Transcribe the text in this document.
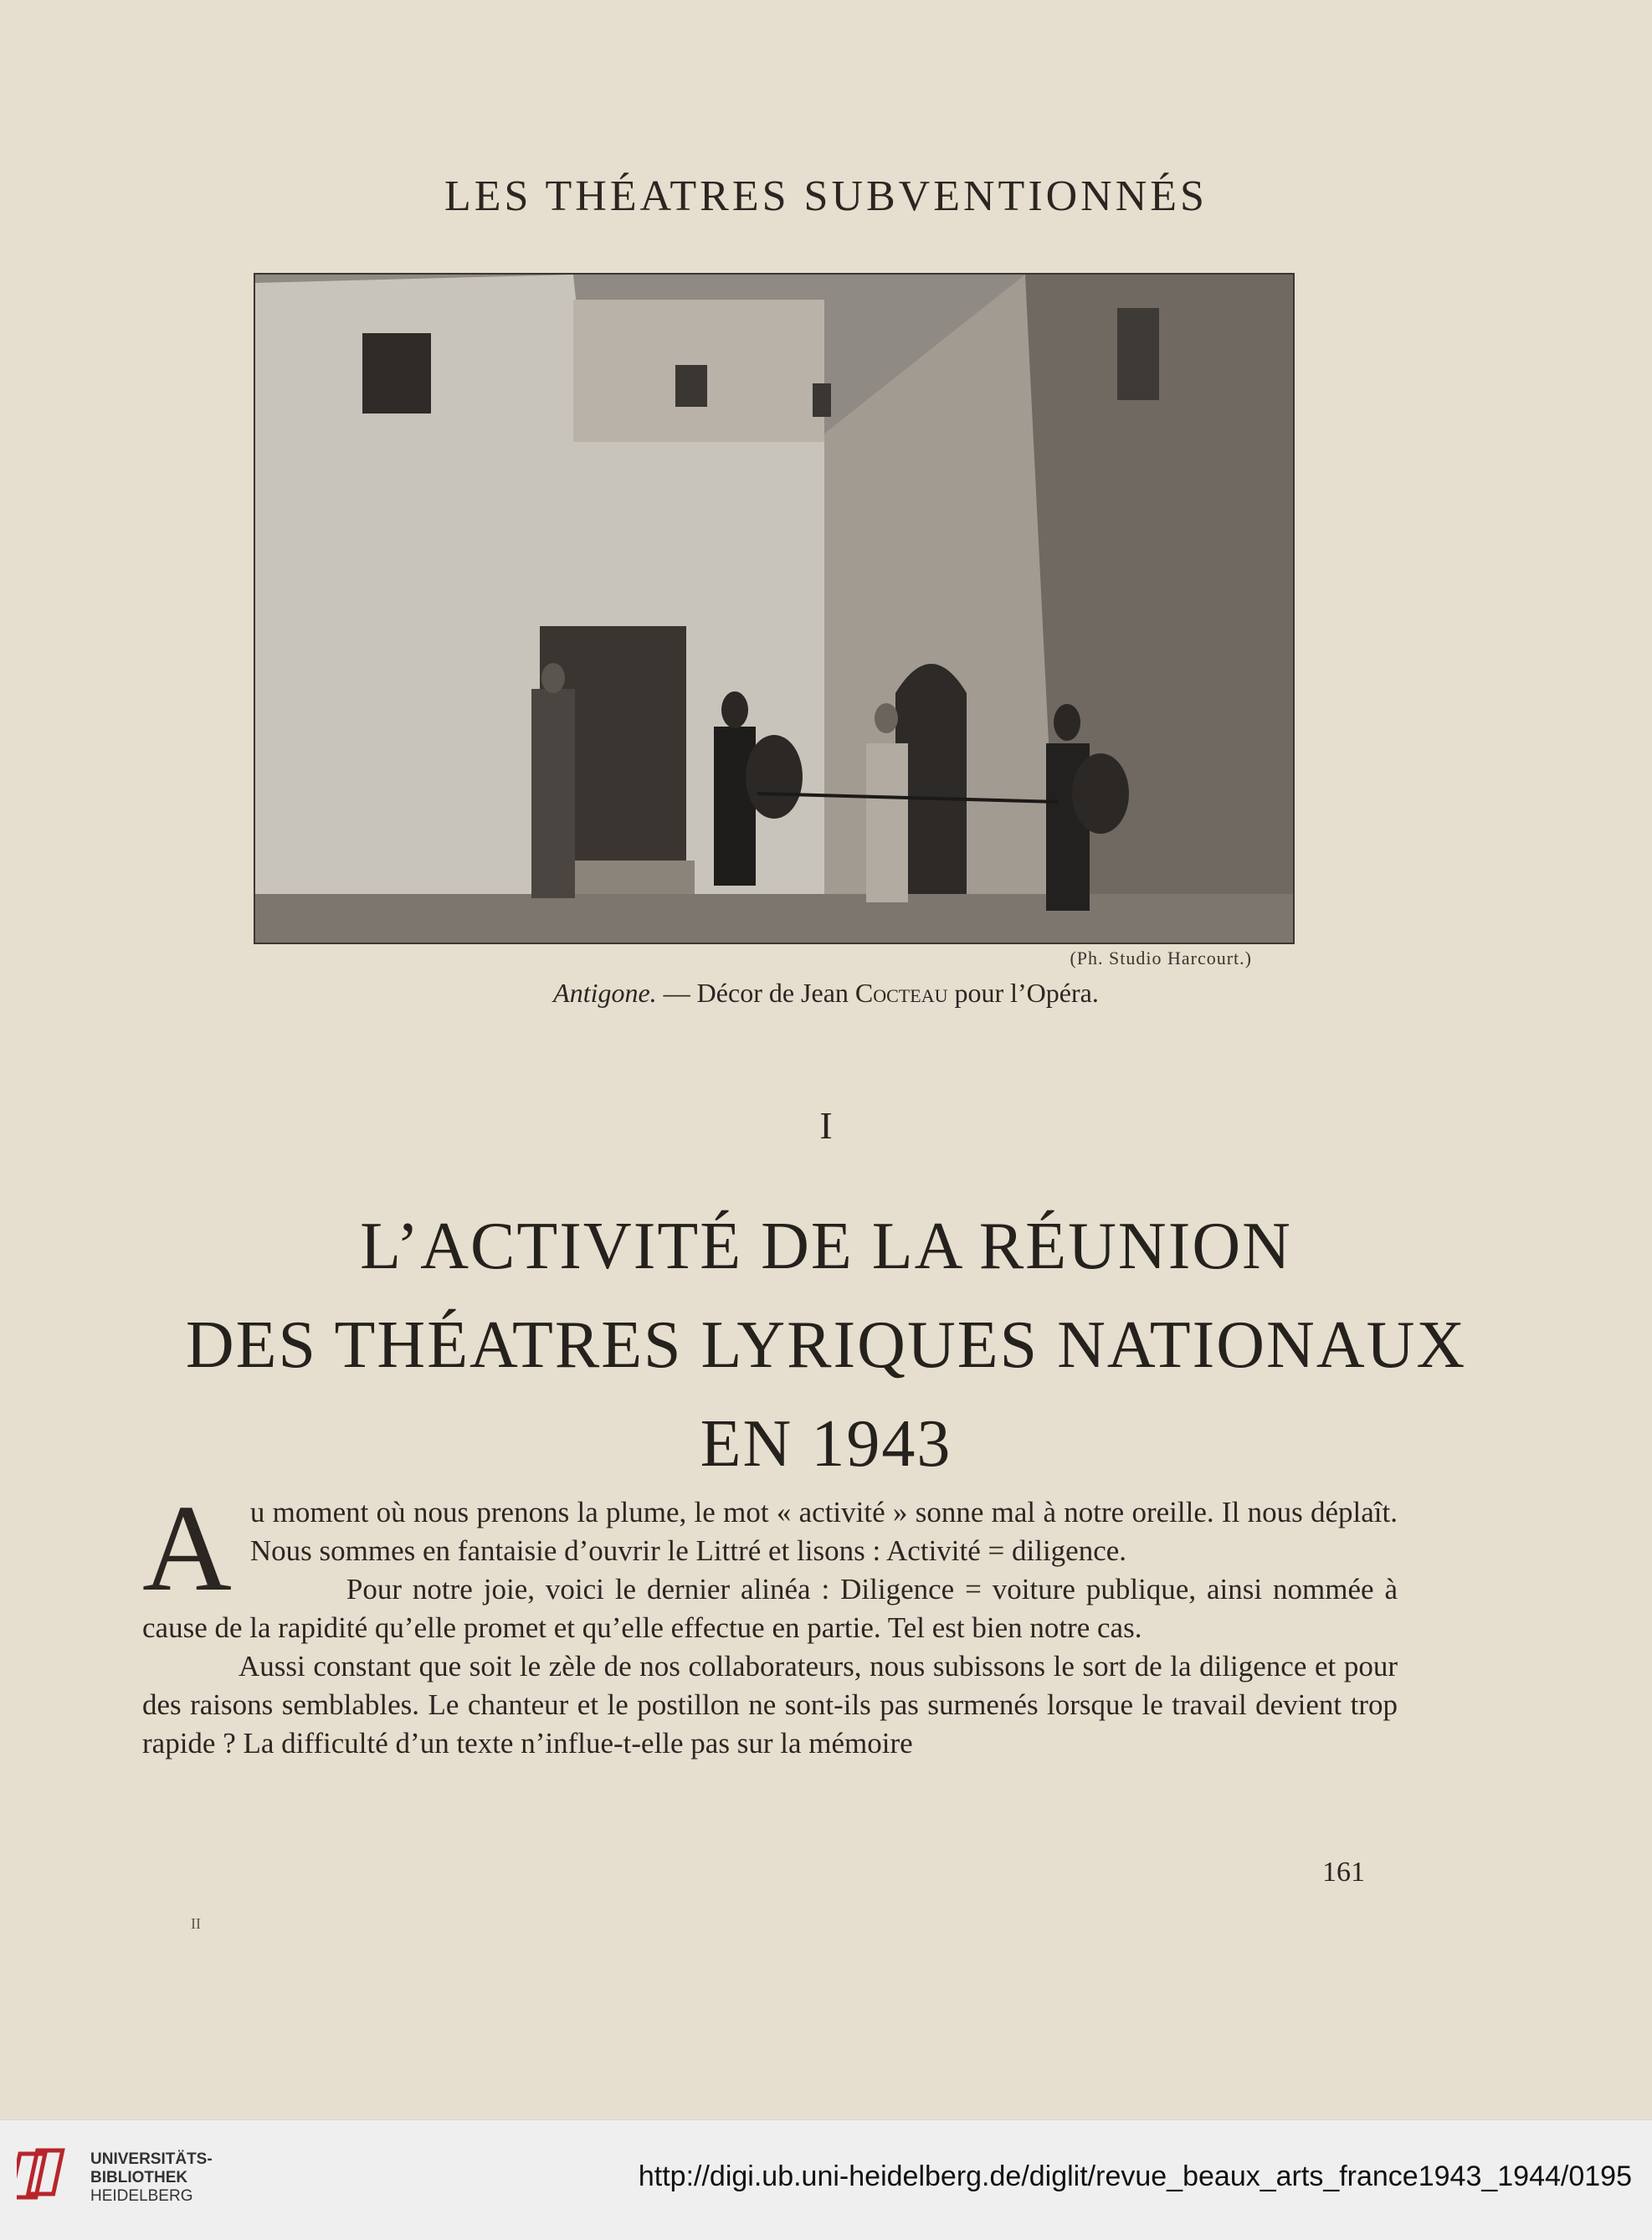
LES THÉATRES SUBVENTIONNÉS
(Ph. Studio Harcourt.)
Antigone. — Décor de Jean Cocteau pour l’Opéra.
I
L’ACTIVITÉ DE LA RÉUNION
DES THÉATRES LYRIQUES NATIONAUX
EN 1943

Au moment où nous prenons la plume, le mot « activité » sonne mal à notre oreille. Il nous déplaît. Nous sommes en fantaisie d’ouvrir le Littré et lisons : Activité = diligence.

Pour notre joie, voici le dernier alinéa : Diligence = voiture publique, ainsi nommée à cause de la rapidité qu’elle promet et qu’elle effectue en partie. Tel est bien notre cas.

Aussi constant que soit le zèle de nos collaborateurs, nous subissons le sort de la diligence et pour des raisons semblables. Le chanteur et le postillon ne sont-ils pas surmenés lorsque le travail devient trop rapide ? La difficulté d’un texte n’influe-t-elle pas sur la mémoire

161
II
UNIVERSITÄTS-
BIBLIOTHEK
HEIDELBERG
http://digi.ub.uni-heidelberg.de/diglit/revue_beaux_arts_france1943_1944/0195
